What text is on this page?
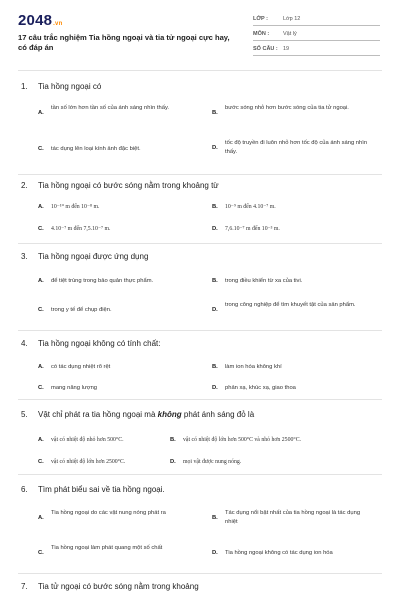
2048.vn
17 câu trắc nghiệm Tia hồng ngoại và tia tử ngoại cực hay, có đáp án
LỚP :	Lớp 12
MÔN :	Vật lý
SỐ CÂU : 19
1. Tia hồng ngoại có
A.
tần số lớn hơn tần số của ánh sáng nhìn thấy.
B.
bước sóng nhỏ hơn bước sóng của tia tử ngoại.
C. tác dụng lên loại kính ảnh đặc biệt.	D.
tốc độ truyền đi luôn nhỏ hơn tốc độ của ánh sáng nhìn thấy.
2. Tia hồng ngoại có bước sóng nằm trong khoảng từ
A. 10⁻¹⁰ m đến 10⁻⁸ m.	B. 10⁻⁹ m đến 4.10⁻⁷ m.
C. 4.10⁻⁷ m đến 7,5.10⁻⁷ m.	D. 7,6.10⁻⁷ m đến 10⁻³ m.
3. Tia hồng ngoại được ứng dụng
A. để tiệt trùng trong bảo quản thực phẩm.	B. trong điều khiển từ xa của tivi.
C. trong y tế để chụp điện.	D.
trong công nghiệp để tìm khuyết tật của sản phẩm.
4. Tia hồng ngoại không có tính chất:
A. có tác dụng nhiệt rõ rệt	B. làm ion hóa không khí
C. mang năng lượng	D. phản xạ, khúc xạ, giao thoa
5. Vật chỉ phát ra tia hồng ngoại mà không phát ánh sáng đỏ là
A. vật có nhiệt độ nhỏ hơn 500°C.	B. vật có nhiệt độ lớn hơn 500°C và nhỏ hơn 2500°C.
C. vật có nhiệt độ lớn hơn 2500°C.	D. mọi vật được nung nóng.
6. Tìm phát biểu sai về tia hồng ngoại.
A.
Tia hồng ngoại do các vật nung nóng phát ra
B.
Tác dụng nổi bật nhất của tia hồng ngoại là tác dụng nhiệt
C.
Tia hồng ngoại làm phát quang một số chất
D. Tia hồng ngoại không có tác dụng ion hóa
7. Tia tử ngoại có bước sóng nằm trong khoảng
